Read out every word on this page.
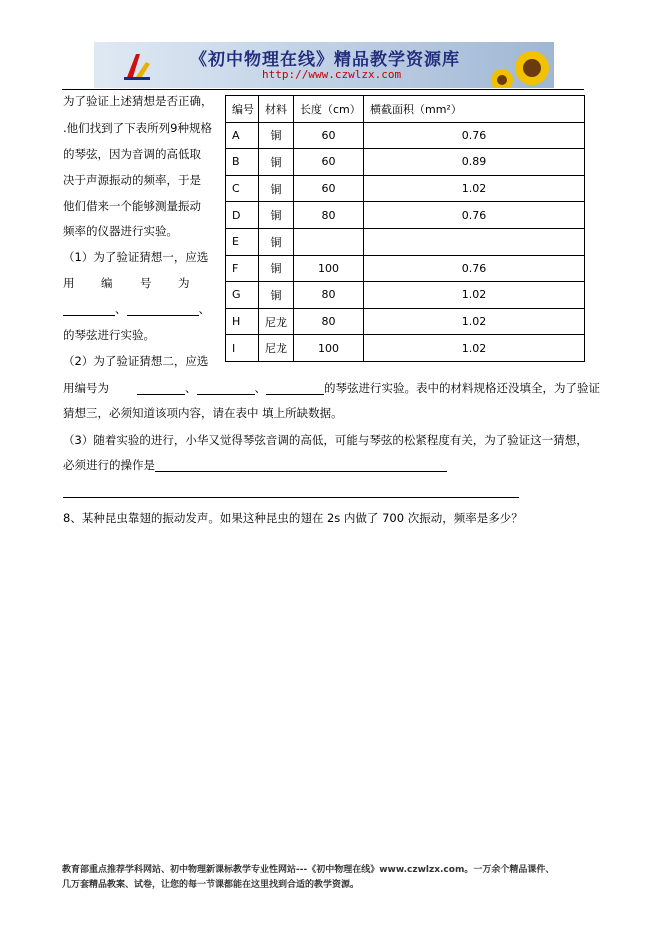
《初中物理在线》精品教学资源库
http://www.czwlzx.com
为了验证上述猜想是否正确，
.他们找到了下表所列9种规格
的琴弦，因为音调的高低取
决于声源振动的频率，于是
他们借来一个能够测量振动
频率的仪器进行实验。
（1）为了验证猜想一，应选
用 编 号 为
、	、
的琴弦进行实验。
（2）为了验证猜想二，应选
编号	材料	长度（cm）	横截面积（mm²）
A	铜	60	0.76
B	铜	60	0.89
C	铜	60	1.02
D	铜	80	0.76
E	铜		
F	铜	100	0.76
G	铜	80	1.02
H	尼龙	80	1.02
I	尼龙	100	1.02
用编号为	、	、	的琴弦进行实验。表中的材料规格还没填全，为了验证
猜想三，必须知道该项内容，请在表中 填上所缺数据。
（3）随着实验的进行，小华又觉得琴弦音调的高低，可能与琴弦的松紧程度有关，为了验证这一猜想，
必须进行的操作是
8、某种昆虫靠翅的振动发声。如果这种昆虫的翅在 2s 内做了 700 次振动，频率是多少？
教育部重点推荐学科网站、初中物理新课标教学专业性网站---《初中物理在线》www.czwlzx.com。一万余个精品课件、
几万套精品教案、试卷，让您的每一节课都能在这里找到合适的教学资源。
